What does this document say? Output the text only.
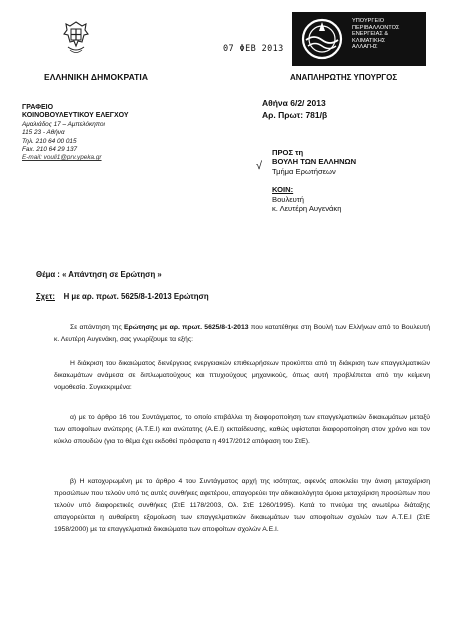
ΕΛΛΗΝΙΚΗ ΔΗΜΟΚΡΑΤΙΑ
ΥΠΟΥΡΓΕΙΟ
ΠΕΡΙΒΑΛΛΟΝΤΟΣ
ΕΝΕΡΓΕΙΑΣ &
ΚΛΙΜΑΤΙΚΗΣ
ΑΛΛΑΓΗΣ
07 ΦΕΒ 2013
ΑΝΑΠΛΗΡΩΤΗΣ ΥΠΟΥΡΓΟΣ
ΓΡΑΦΕΙΟ
ΚΟΙΝΟΒΟΥΛΕΥΤΙΚΟΥ ΕΛΕΓΧΟΥ
Αμαλιάδος 17 – Αμπελόκηποι
115 23 - Αθήνα
Τηλ. 210 64 00 015
Fax. 210 64 29 137
E-mail: vouli1@prv.ypeka.gr
Αθήνα 6/2/ 2013
Αρ. Πρωτ: 781/β
√
ΠΡΟΣ τη
ΒΟΥΛΗ ΤΩΝ ΕΛΛΗΝΩΝ
Τμήμα Ερωτήσεων
ΚΟΙΝ:
Βουλευτή
κ. Λευτέρη Αυγενάκη
Θέμα : « Απάντηση σε Ερώτηση »
Σχετ: Η με αρ. πρωτ. 5625/8-1-2013 Ερώτηση
Σε απάντηση της Ερώτησης με αρ. πρωτ. 5625/8-1-2013 που κατατέθηκε στη Βουλή των Ελλήνων από το Βουλευτή κ. Λευτέρη Αυγενάκη, σας γνωρίζουμε τα εξής:
Η διάκριση του δικαιώματος διενέργειας ενεργειακών επιθεωρήσεων προκύπτει από τη διάκριση των επαγγελματικών δικαιωμάτων ανάμεσα σε διπλωματούχους και πτυχιούχους μηχανικούς, όπως αυτή προβλέπεται από την κείμενη νομοθεσία. Συγκεκριμένα:
α) με το άρθρο 16 του Συντάγματος, το οποίο επιβάλλει τη διαφοροποίηση των επαγγελματικών δικαιωμάτων μεταξύ των αποφοίτων ανώτερης (Α.Τ.Ε.Ι) και ανώτατης (Α.Ε.Ι) εκπαίδευσης, καθώς υφίσταται διαφοροποίηση στον χρόνο και τον κύκλο σπουδών (για το θέμα έχει εκδοθεί πρόσφατα η 4917/2012 απόφαση του ΣτΕ).
β) Η κατοχυρωμένη με το άρθρο 4 του Συντάγματος αρχή της ισότητας, αφενός αποκλείει την άνιση μεταχείριση προσώπων που τελούν υπό τις αυτές συνθήκες αφετέρου, απαγορεύει την αδικαιολόγητα όμοια μεταχείριση προσώπων που τελούν υπό διαφορετικές συνθήκες (ΣτΕ 1178/2003, Ολ. ΣτΕ 1260/1995). Κατά το πνεύμα της ανωτέρω διάταξης απαγορεύεται η αυθαίρετη εξομοίωση των επαγγελματικών δικαιωμάτων των αποφοίτων σχολών των Α.Τ.Ε.Ι (ΣτΕ 1958/2000) με τα επαγγελματικά δικαιώματα των αποφοίτων σχολών Α.Ε.Ι.
